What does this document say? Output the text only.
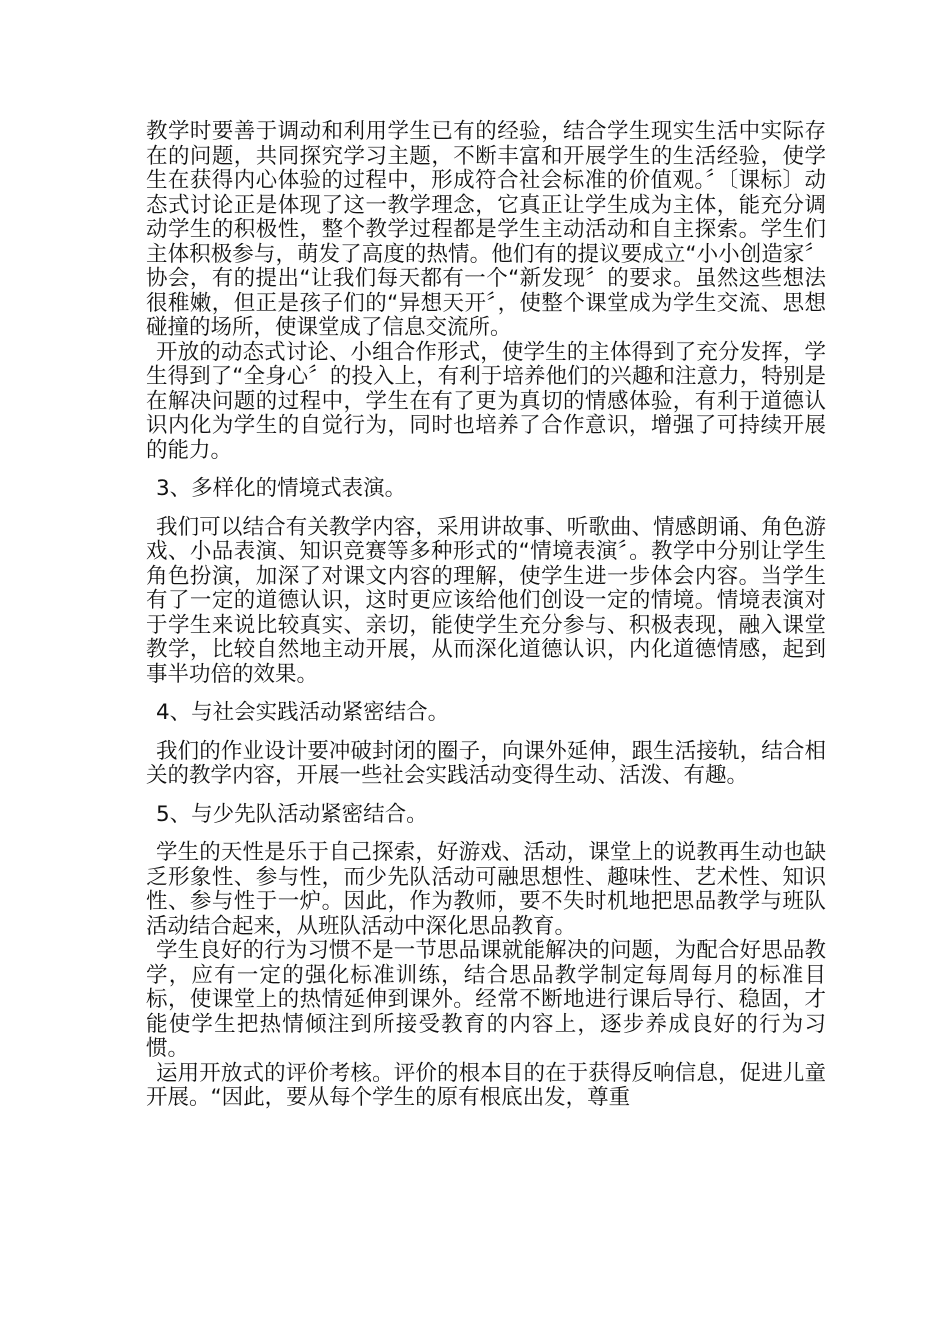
教学时要善于调动和利用学生已有的经验，结合学生现实生活中实际存在的问题，共同探究学习主题，不断丰富和开展学生的生活经验，使学生在获得内心体验的过程中，形成符合社会标准的价值观。〞〔课标〕动态式讨论正是体现了这一教学理念，它真正让学生成为主体，能充分调动学生的积极性，整个教学过程都是学生主动活动和自主探索。学生们主体积极参与，萌发了高度的热情。他们有的提议要成立“小小创造家〞协会，有的提出“让我们每天都有一个“新发现〞的要求。虽然这些想法很稚嫩，但正是孩子们的“异想天开〞，使整个课堂成为学生交流、思想碰撞的场所，使课堂成了信息交流所。

开放的动态式讨论、小组合作形式，使学生的主体得到了充分发挥，学生得到了“全身心〞的投入上，有利于培养他们的兴趣和注意力，特别是在解决问题的过程中，学生在有了更为真切的情感体验，有利于道德认识内化为学生的自觉行为，同时也培养了合作意识，增强了可持续开展的能力。

3、多样化的情境式表演。

我们可以结合有关教学内容，采用讲故事、听歌曲、情感朗诵、角色游戏、小品表演、知识竞赛等多种形式的“情境表演〞。教学中分别让学生角色扮演，加深了对课文内容的理解，使学生进一步体会内容。当学生有了一定的道德认识，这时更应该给他们创设一定的情境。情境表演对于学生来说比较真实、亲切，能使学生充分参与、积极表现，融入课堂教学，比较自然地主动开展，从而深化道德认识，内化道德情感，起到事半功倍的效果。

4、与社会实践活动紧密结合。

我们的作业设计要冲破封闭的圈子，向课外延伸，跟生活接轨，结合相关的教学内容，开展一些社会实践活动变得生动、活泼、有趣。

5、与少先队活动紧密结合。

学生的天性是乐于自己探索，好游戏、活动，课堂上的说教再生动也缺乏形象性、参与性，而少先队活动可融思想性、趣味性、艺术性、知识性、参与性于一炉。因此，作为教师，要不失时机地把思品教学与班队活动结合起来，从班队活动中深化思品教育。

学生良好的行为习惯不是一节思品课就能解决的问题，为配合好思品教学，应有一定的强化标准训练，结合思品教学制定每周每月的标准目标，使课堂上的热情延伸到课外。经常不断地进行课后导行、稳固，才能使学生把热情倾注到所接受教育的内容上，逐步养成良好的行为习惯。

运用开放式的评价考核。评价的根本目的在于获得反响信息，促进儿童开展。“因此，要从每个学生的原有根底出发，尊重
